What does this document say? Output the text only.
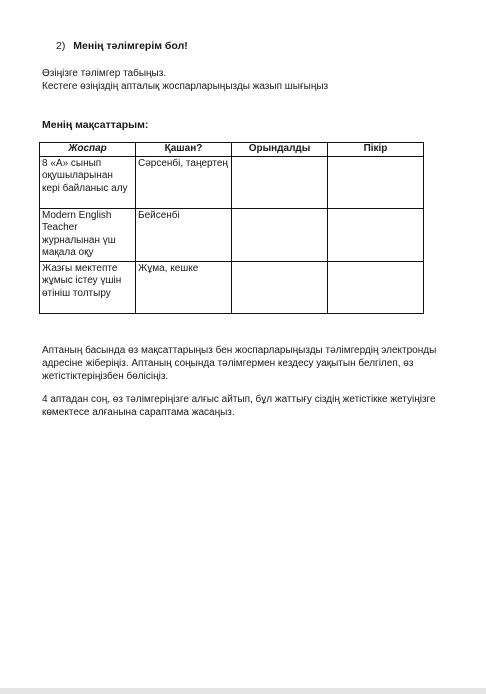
2) Менің тәлімгерім бол!
Өзіңізге тәлімгер табыңыз.
Кестеге өзіңіздің апталық жоспарларыңызды жазып шығыңыз
Менің мақсаттарым:
Жоспар	Қашан?	Орындалды	Пікір
8 «А» сынып оқушыларынан кері байланыс алу	Сәрсенбі, таңертең		
Modern English Teacher журналынан үш мақала оқу	Бейсенбі		
Жазғы мектепте жұмыс істеу үшін өтініш толтыру	Жұма, кешке		
Аптаның басында өз мақсаттарыңыз бен жоспарларыңызды тәлімгердің электронды адресіне жіберіңіз. Аптаның соңында тәлімгермен кездесу уақытын белгілеп, өз жетістіктеріңізбен бөлісіңіз.
4 аптадан соң, өз тәлімгеріңізге алғыс айтып, бұл жаттығу сіздің жетістікке жетуіңізге көмектесе алғанына сараптама жасаңыз.
